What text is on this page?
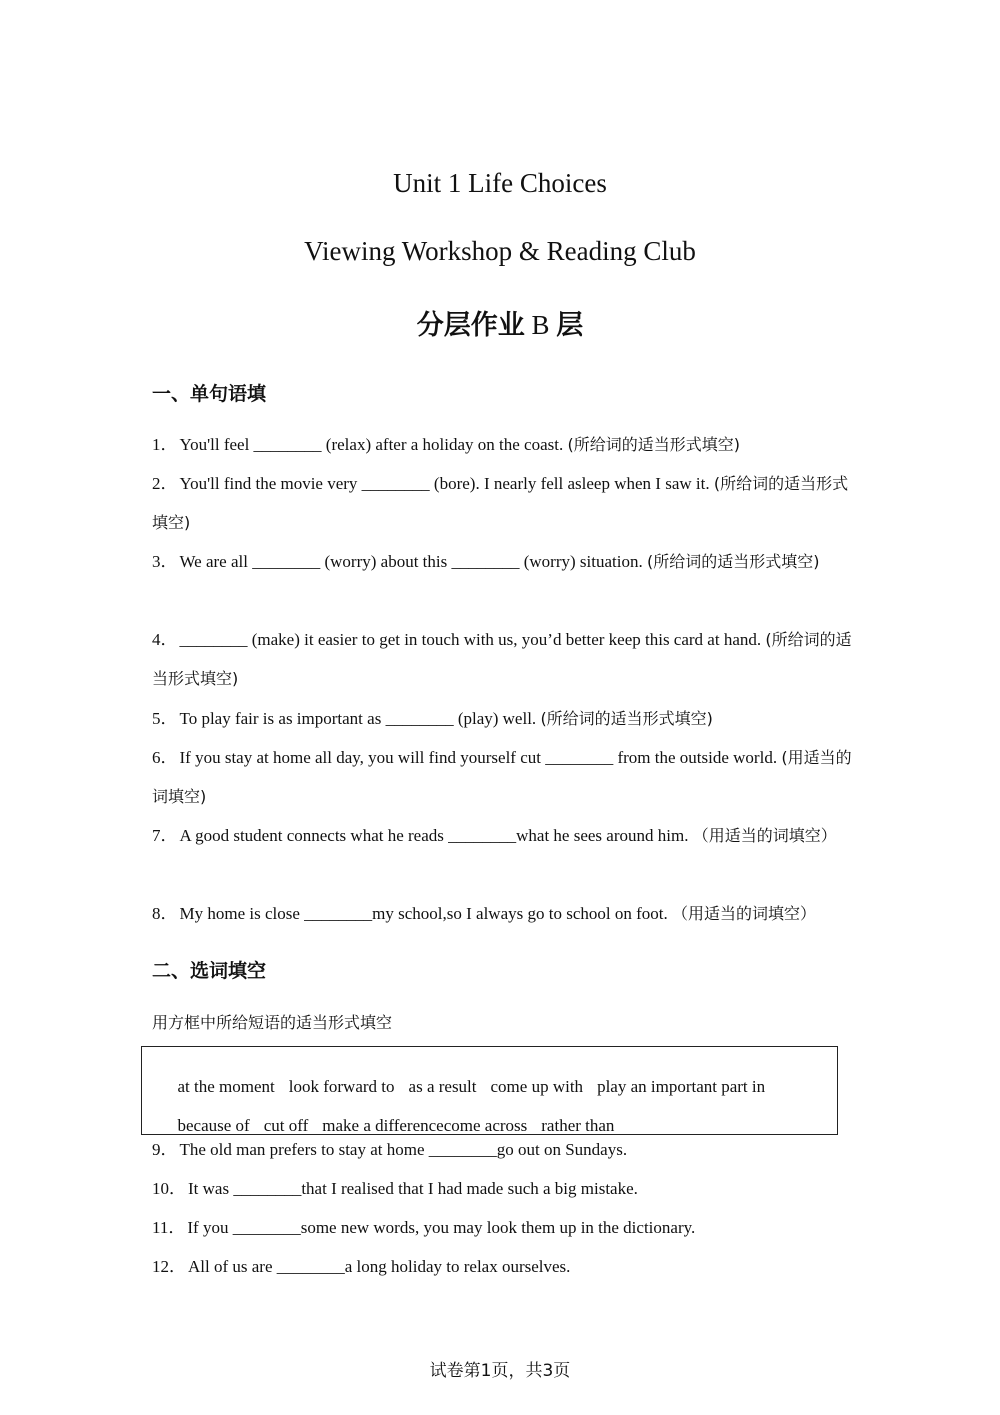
Unit 1 Life Choices
Viewing Workshop & Reading Club
分层作业 B 层
一、单句语填
1． You'll feel ________ (relax) after a holiday on the coast. (所给词的适当形式填空)
2． You'll find the movie very ________ (bore). I nearly fell asleep when I saw it. (所给词的适当形式填空)
3． We are all ________ (worry) about this ________ (worry) situation. (所给词的适当形式填空)
4． ________ (make) it easier to get in touch with us, you’d better keep this card at hand. (所给词的适当形式填空)
5． To play fair is as important as ________ (play) well. (所给词的适当形式填空)
6． If you stay at home all day, you will find yourself cut ________ from the outside world. (用适当的词填空)
7． A good student connects what he reads ________what he sees around him. （用适当的词填空）
8． My home is close ________my school,so I always go to school on foot. （用适当的词填空）
二、选词填空
用方框中所给短语的适当形式填空

at the moment look forward to as a result come up with play an important part in

because of cut off make a differencecome across rather than

9． The old man prefers to stay at home ________go out on Sundays.
10． It was ________that I realised that I had made such a big mistake.
11． If you ________some new words, you may look them up in the dictionary.
12． All of us are ________a long holiday to relax ourselves.
试卷第1页，共3页
